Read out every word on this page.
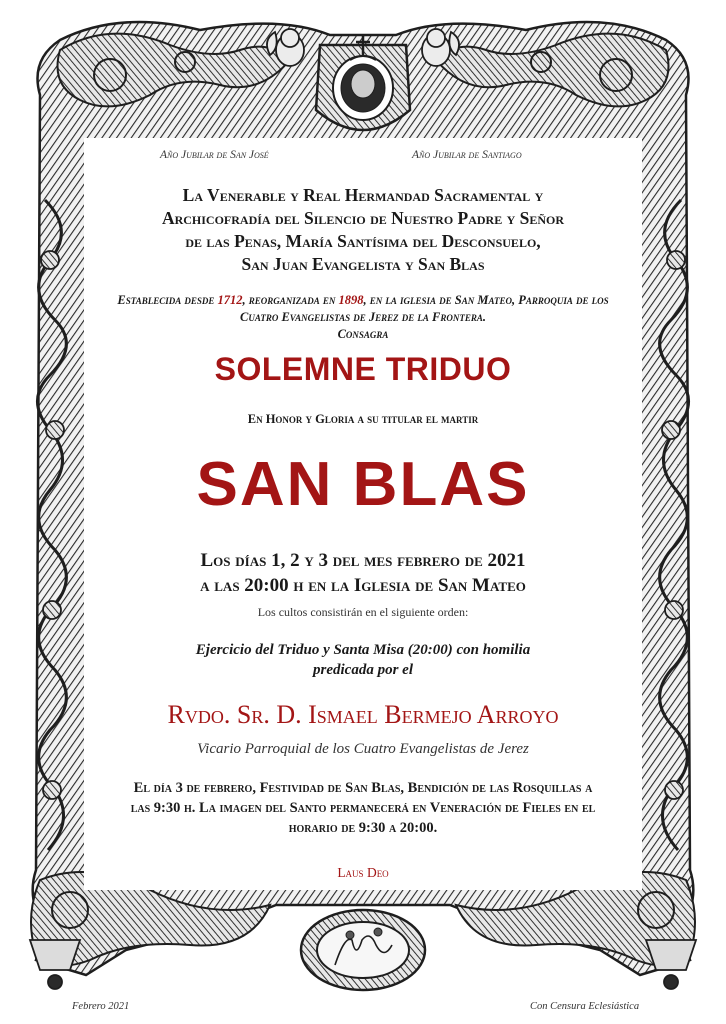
Año Jubilar de San José	Año Jubilar de Santiago
La Venerable y Real Hermandad Sacramental y
Archicofradía del Silencio de Nuestro Padre y Señor
de las Penas, María Santísima del Desconsuelo,
San Juan Evangelista y San Blas
Establecida desde 1712, reorganizada en 1898, en la iglesia de San Mateo, Parroquia de los Cuatro Evangelistas de Jerez de la Frontera.
Consagra
SOLEMNE TRIDUO
En Honor y Gloria a su titular el martir
SAN BLAS
Los días 1, 2 y 3 del mes febrero de 2021
a las 20:00 h en la Iglesia de San Mateo
Los cultos consistirán en el siguiente orden:
Ejercicio del Triduo y Santa Misa (20:00) con homilia
predicada por el
Rvdo. Sr. D. Ismael Bermejo Arroyo
Vicario Parroquial de los Cuatro Evangelistas de Jerez
El día 3 de febrero, Festividad de San Blas, Bendición de las Rosquillas a
las 9:30 h. La imagen del Santo permanecerá en Veneración de Fieles en el
horario de 9:30 a 20:00.
Laus Deo
Febrero 2021	Con Censura Eclesiástica
